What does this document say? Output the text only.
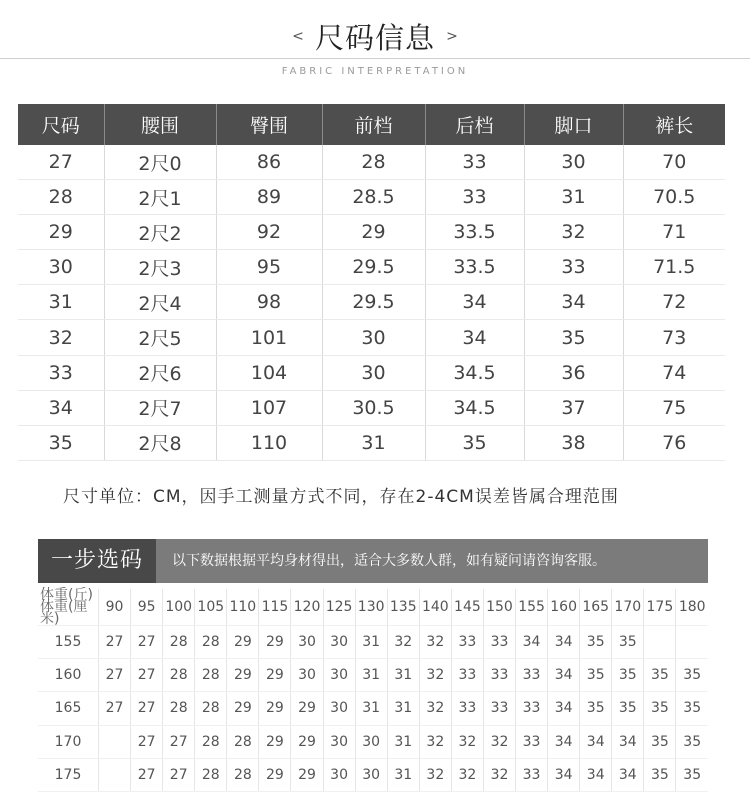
< 尺码信息 >
FABRIC INTERPRETATION
尺码	腰围	臀围	前档	后档	脚口	裤长
27	2尺0	86	28	33	30	70
28	2尺1	89	28.5	33	31	70.5
29	2尺2	92	29	33.5	32	71
30	2尺3	95	29.5	33.5	33	71.5
31	2尺4	98	29.5	34	34	72
32	2尺5	101	30	34	35	73
33	2尺6	104	30	34.5	36	74
34	2尺7	107	30.5	34.5	37	75
35	2尺8	110	31	35	38	76
尺寸单位：CM，因手工测量方式不同，存在2-4CM误差皆属合理范围
一步选码	以下数据根据平均身材得出，适合大多数人群，如有疑问请咨询客服。
体重(斤)
体重(厘米)	90	95	100	105	110	115	120	125	130	135	140	145	150	155	160	165	170	175	180
155	27	27	28	28	29	29	30	30	31	32	32	33	33	34	34	35	35		
160	27	27	28	28	29	29	30	30	31	31	32	33	33	33	34	35	35	35	35
165	27	27	28	28	29	29	29	30	31	31	32	33	33	33	34	35	35	35	35
170		27	27	28	28	29	29	30	30	31	32	32	32	33	34	34	34	35	35
175		27	27	28	28	29	29	30	30	31	32	32	32	33	34	34	34	35	35
